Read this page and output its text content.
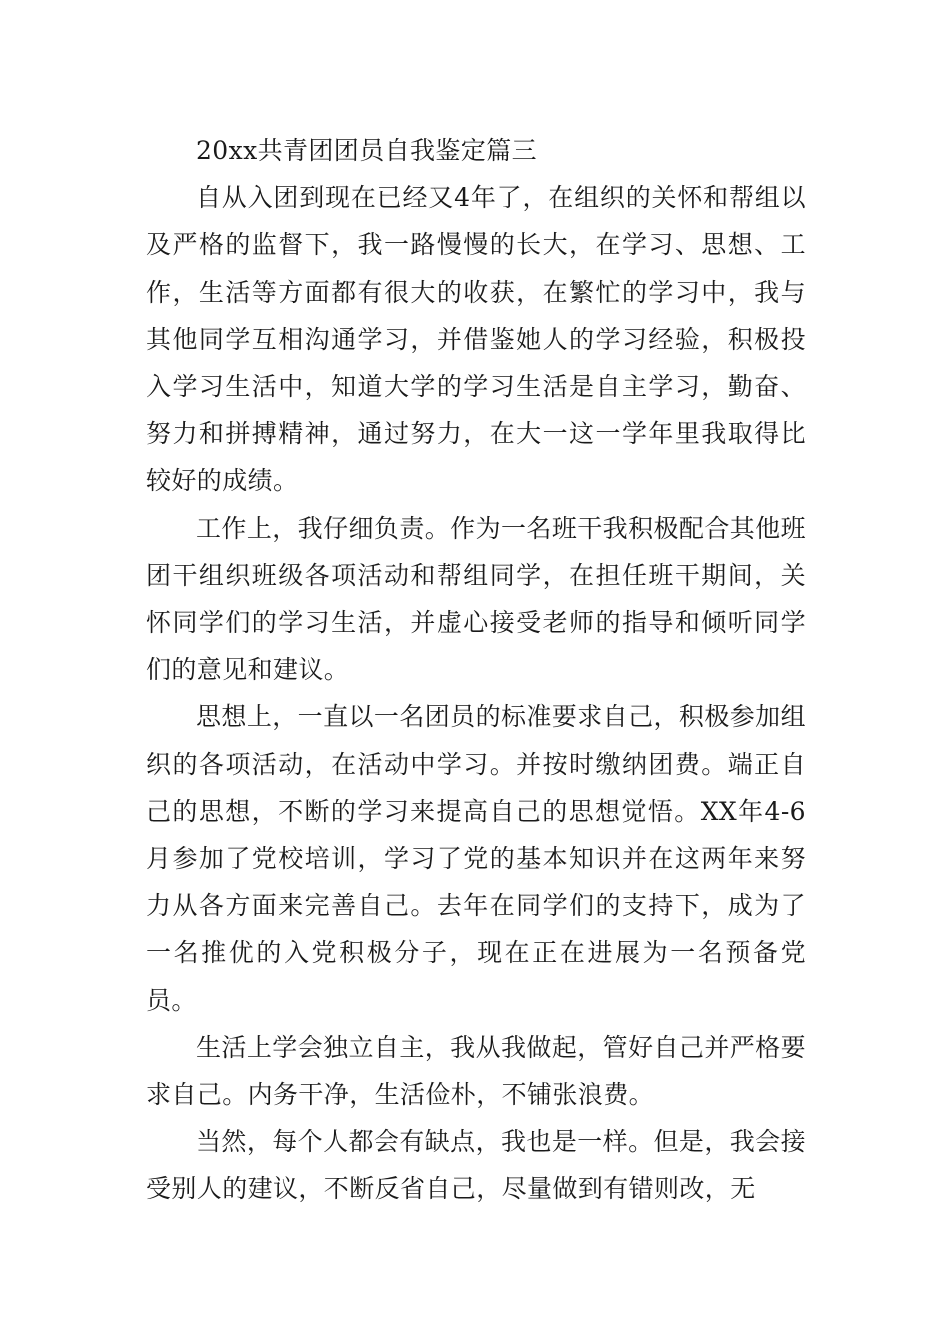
20xx共青团团员自我鉴定篇三

自从入团到现在已经又4年了，在组织的关怀和帮组以及严格的监督下，我一路慢慢的长大，在学习、思想、工作，生活等方面都有很大的收获，在繁忙的学习中，我与其他同学互相沟通学习，并借鉴她人的学习经验，积极投入学习生活中，知道大学的学习生活是自主学习，勤奋、努力和拼搏精神，通过努力，在大一这一学年里我取得比较好的成绩。

工作上，我仔细负责。作为一名班干我积极配合其他班团干组织班级各项活动和帮组同学，在担任班干期间，关怀同学们的学习生活，并虚心接受老师的指导和倾听同学们的意见和建议。

思想上，一直以一名团员的标准要求自己，积极参加组织的各项活动，在活动中学习。并按时缴纳团费。端正自己的思想，不断的学习来提高自己的思想觉悟。XX年4-6月参加了党校培训，学习了党的基本知识并在这两年来努力从各方面来完善自己。去年在同学们的支持下，成为了一名推优的入党积极分子，现在正在进展为一名预备党员。

生活上学会独立自主，我从我做起，管好自己并严格要求自己。内务干净，生活俭朴，不铺张浪费。

当然，每个人都会有缺点，我也是一样。但是，我会接受别人的建议，不断反省自己，尽量做到有错则改，无
